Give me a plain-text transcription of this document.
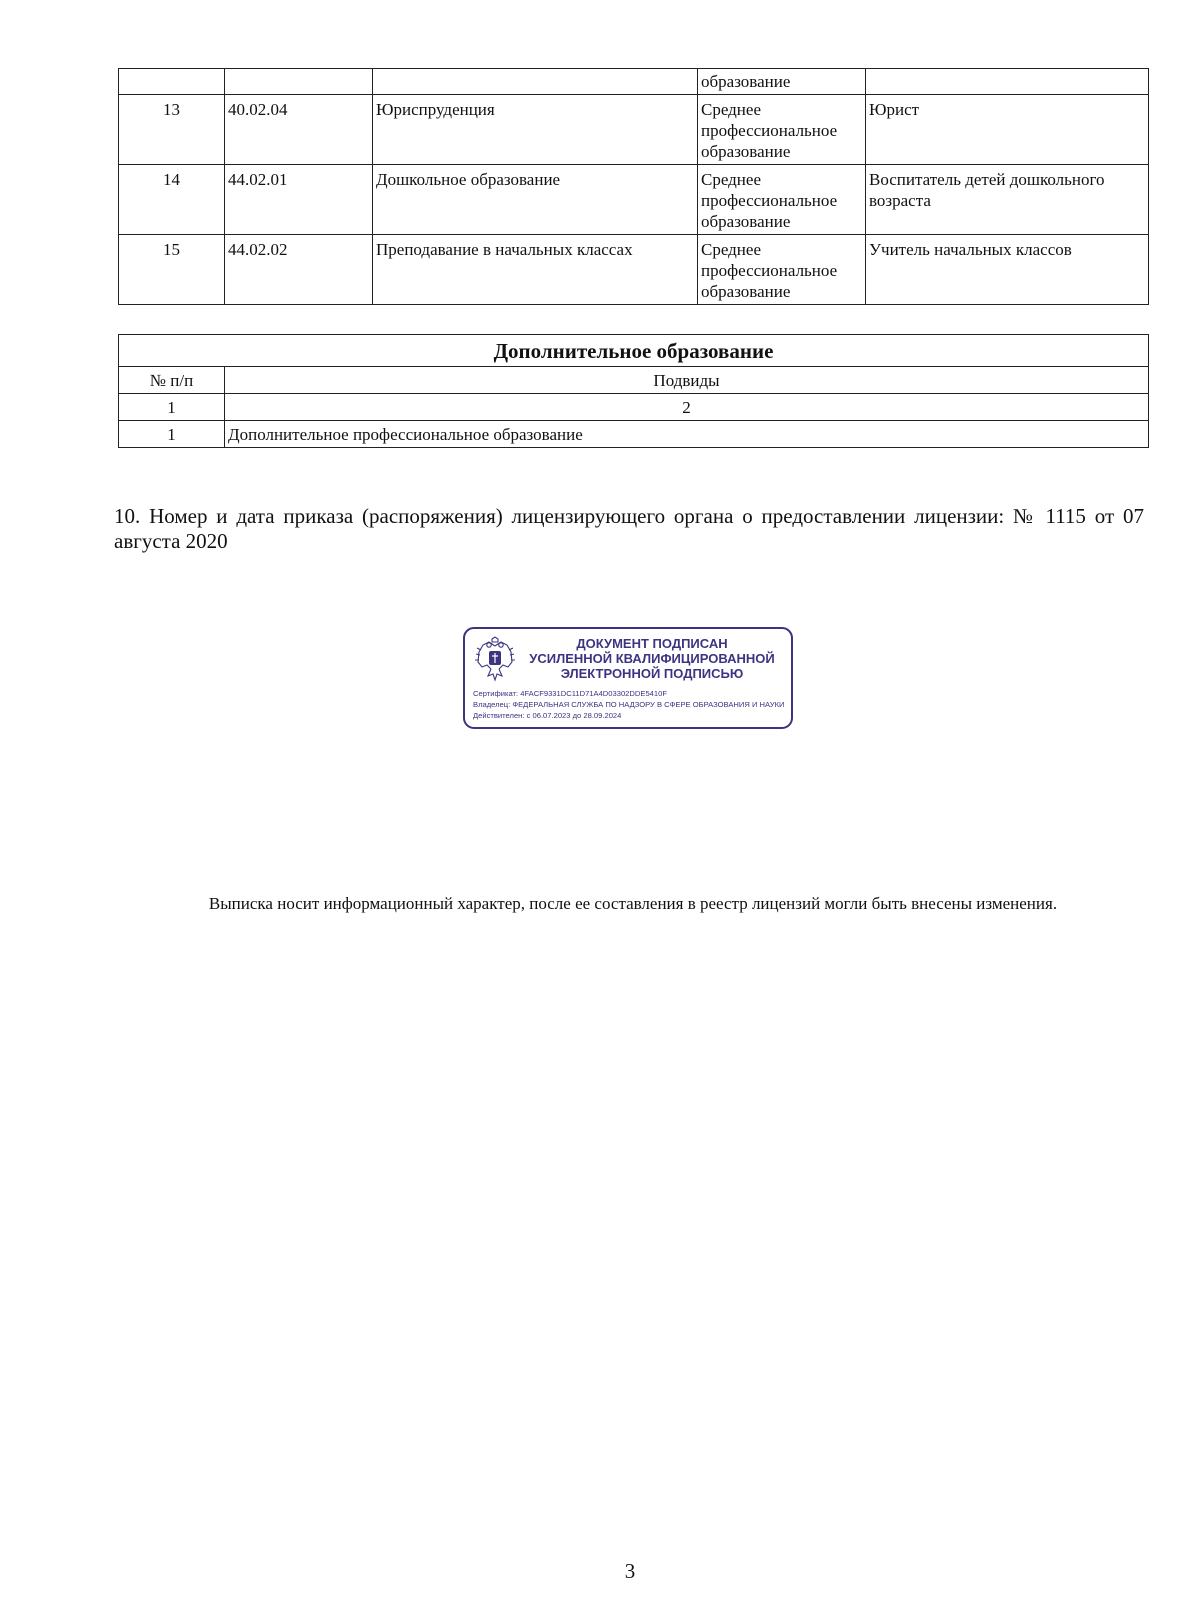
			образование	
13	40.02.04	Юриспруденция	Среднее профессиональное образование	Юрист
14	44.02.01	Дошкольное образование	Среднее профессиональное образование	Воспитатель детей дошкольного возраста
15	44.02.02	Преподавание в начальных классах	Среднее профессиональное образование	Учитель начальных классов
Дополнительное образование	
№ п/п	Подвиды
1	2
1	Дополнительное профессиональное образование
10. Номер и дата приказа (распоряжения) лицензирующего органа о предоставлении лицензии: № 1115 от 07 августа 2020
ДОКУМЕНТ ПОДПИСАН
УСИЛЕННОЙ КВАЛИФИЦИРОВАННОЙ
ЭЛЕКТРОННОЙ ПОДПИСЬЮ
Сертификат: 4FACF9331DC11D71A4D03302DDE5410F
Владелец: ФЕДЕРАЛЬНАЯ СЛУЖБА ПО НАДЗОРУ В СФЕРЕ ОБРАЗОВАНИЯ И НАУКИ
Действителен: с 06.07.2023 до 28.09.2024
Выписка носит информационный характер, после ее составления в реестр лицензий могли быть внесены изменения.
3
